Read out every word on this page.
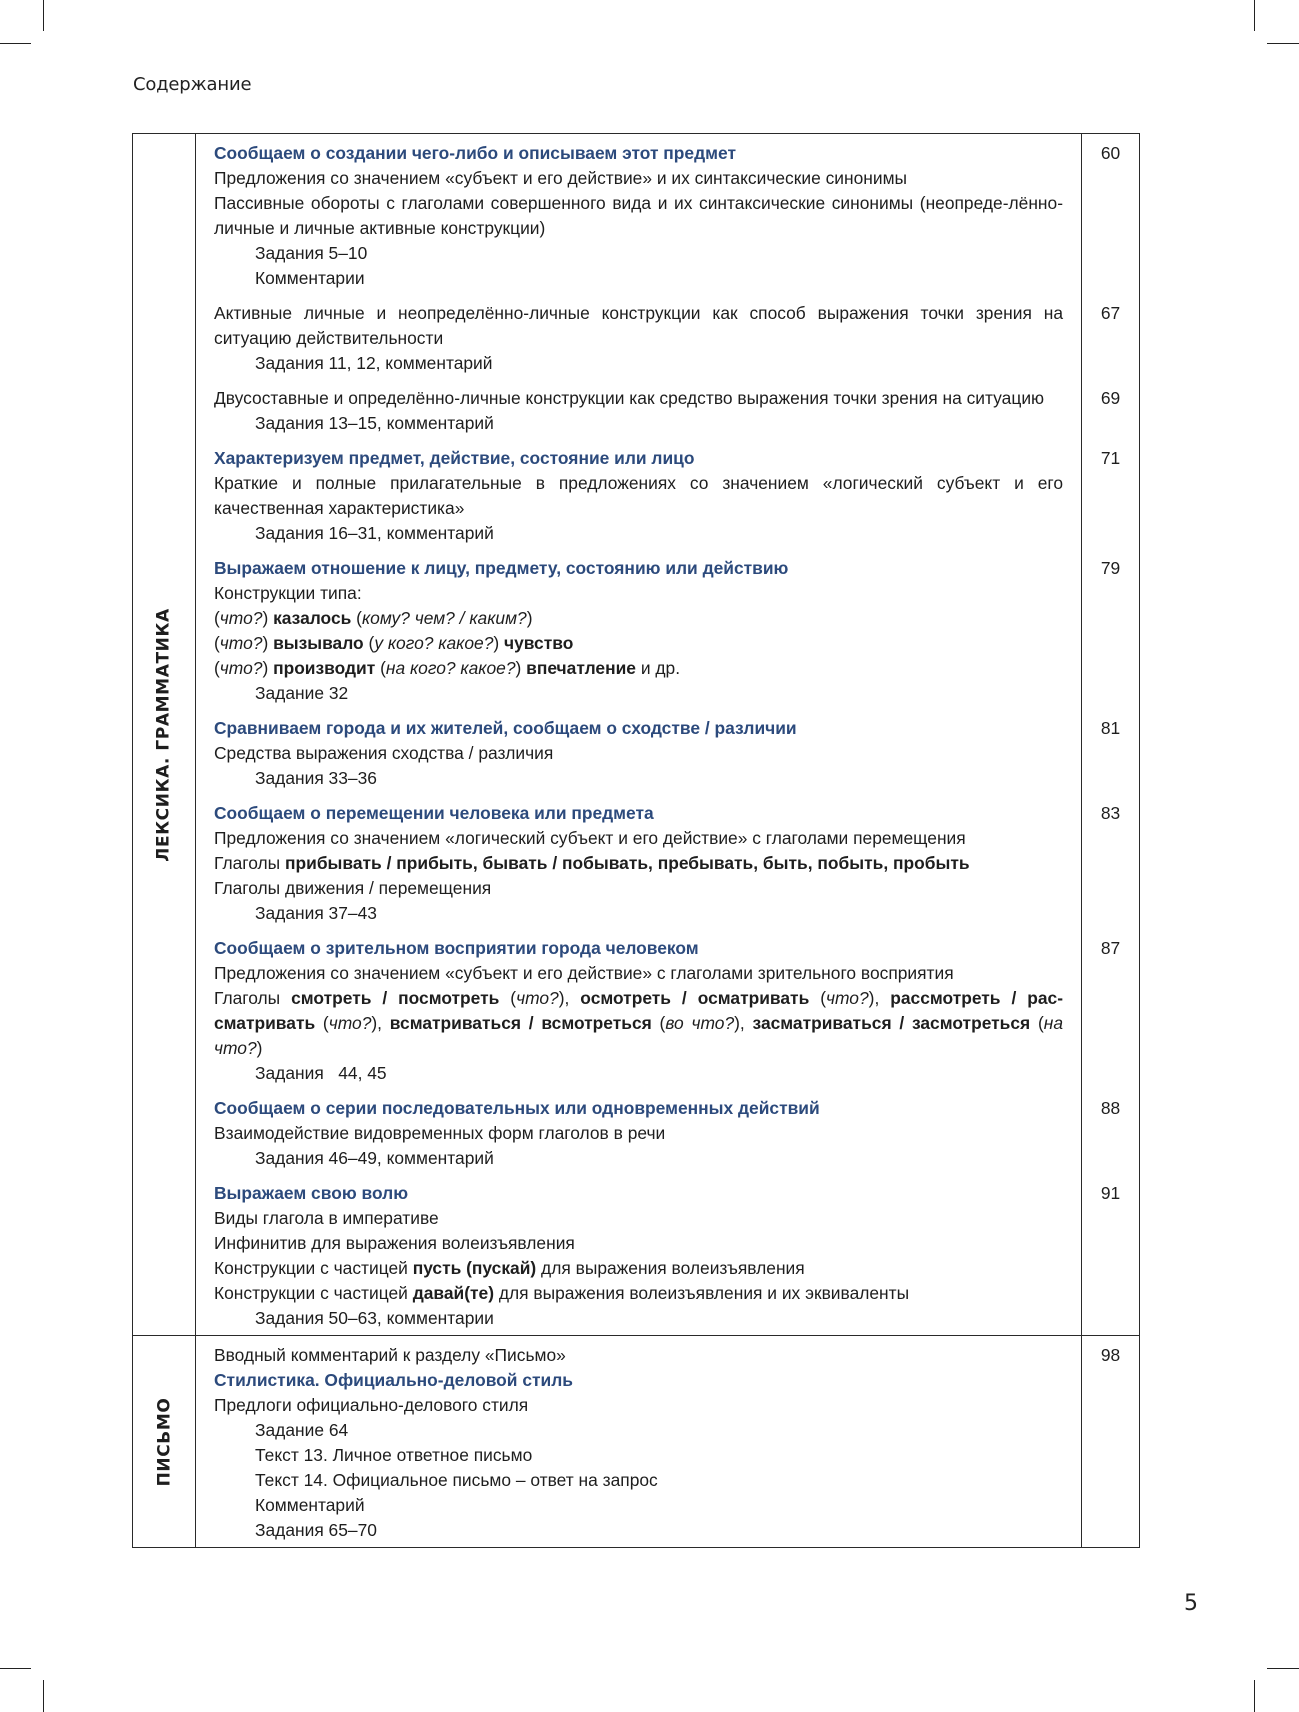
Содержание
ЛЕКСИКА. ГРАММАТИКА
Сообщаем о создании чего-либо и описываем этот предмет
Предложения со значением «субъект и его действие» и их синтаксические синонимы
Пассивные обороты с глаголами совершенного вида и их синтаксические синонимы (неопреде-лённо-личные и личные активные конструкции)
Задания 5–10
Комментарии
60
Активные личные и неопределённо-личные конструкции как способ выражения точки зрения на ситуацию действительности
Задания 11, 12, комментарий
67
Двусоставные и определённо-личные конструкции как средство выражения точки зрения на ситуацию
Задания 13–15, комментарий
69
Характеризуем предмет, действие, состояние или лицо
Краткие и полные прилагательные в предложениях со значением «логический субъект и его качественная характеристика»
Задания 16–31, комментарий
71
Выражаем отношение к лицу, предмету, состоянию или действию
Конструкции типа:
(что?) казалось (кому? чем? / каким?)
(что?) вызывало (у кого? какое?) чувство
(что?) производит (на кого? какое?) впечатление и др.
Задание 32
79
Сравниваем города и их жителей, сообщаем о сходстве / различии
Средства выражения сходства / различия
Задания 33–36
81
Сообщаем о перемещении человека или предмета
Предложения со значением «логический субъект и его действие» с глаголами перемещения
Глаголы прибывать / прибыть, бывать / побывать, пребывать, быть, побыть, пробыть
Глаголы движения / перемещения
Задания 37–43
83
Сообщаем о зрительном восприятии города человеком
Предложения со значением «субъект и его действие» с глаголами зрительного восприятия
Глаголы смотреть / посмотреть (что?), осмотреть / осматривать (что?), рассмотреть / рас-сматривать (что?), всматриваться / всмотреться (во что?), засматриваться / засмотреться (на что?)
Задания   44, 45
87
Сообщаем о серии последовательных или одновременных действий
Взаимодействие видовременных форм глаголов в речи
Задания 46–49, комментарий
88
Выражаем свою волю
Виды глагола в императиве
Инфинитив для выражения волеизъявления
Конструкции с частицей пусть (пускай) для выражения волеизъявления
Конструкции с частицей давай(те) для выражения волеизъявления и их эквиваленты
Задания 50–63, комментарии
91
ПИСЬМО
Вводный комментарий к разделу «Письмо»
Стилистика. Официально-деловой стиль
Предлоги официально-делового стиля
Задание 64
Текст 13. Личное ответное письмо
Текст 14. Официальное письмо – ответ на запрос
Комментарий
Задания 65–70
98
5
